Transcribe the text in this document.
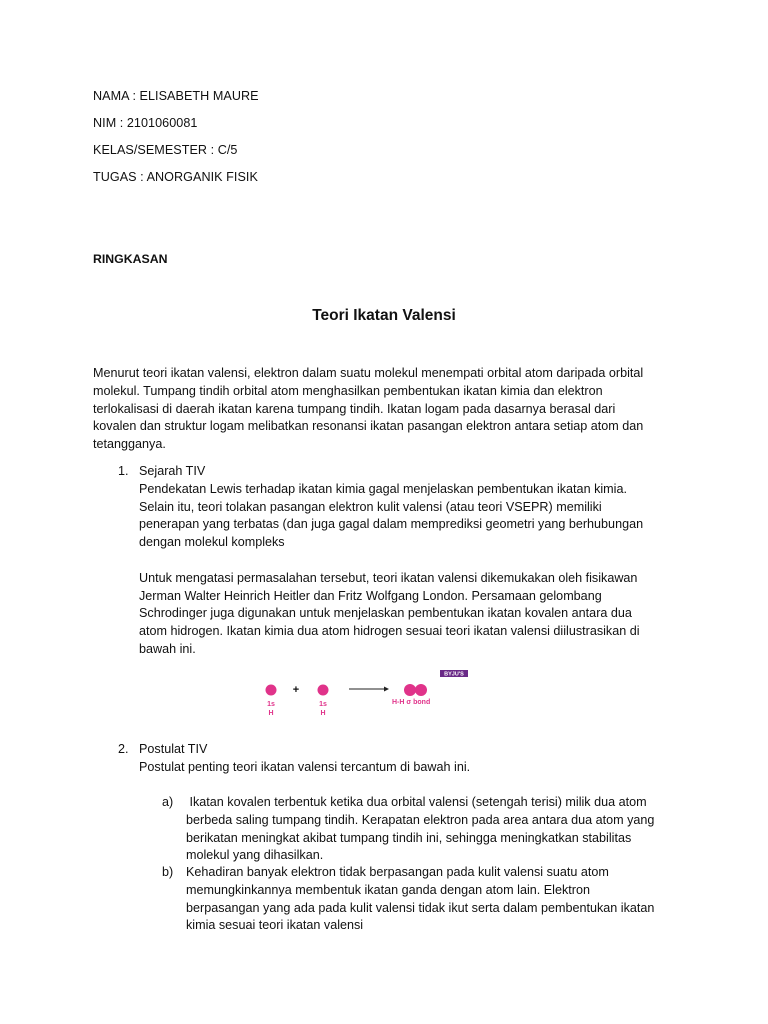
NAMA : ELISABETH MAURE

NIM : 2101060081

KELAS/SEMESTER : C/5

TUGAS : ANORGANIK FISIK

RINGKASAN

Teori Ikatan Valensi
Menurut teori ikatan valensi, elektron dalam suatu molekul menempati orbital atom daripada orbital
molekul. Tumpang tindih orbital atom menghasilkan pembentukan ikatan kimia dan elektron
terlokalisasi di daerah ikatan karena tumpang tindih. Ikatan logam pada dasarnya berasal dari
kovalen dan struktur logam melibatkan resonansi ikatan pasangan elektron antara setiap atom dan
tetangganya.

1. Sejarah TIV
Pendekatan Lewis terhadap ikatan kimia gagal menjelaskan pembentukan ikatan kimia.
Selain itu, teori tolakan pasangan elektron kulit valensi (atau teori VSEPR) memiliki
penerapan yang terbatas (dan juga gagal dalam memprediksi geometri yang berhubungan
dengan molekul kompleks
Untuk mengatasi permasalahan tersebut, teori ikatan valensi dikemukakan oleh fisikawan
Jerman Walter Heinrich Heitler dan Fritz Wolfgang London. Persamaan gelombang
Schrodinger juga digunakan untuk menjelaskan pembentukan ikatan kovalen antara dua
atom hidrogen. Ikatan kimia dua atom hidrogen sesuai teori ikatan valensi diilustrasikan di
bawah ini.
BYJU'S
1s
H
+
1s
H
H-H σ bond

2. Postulat TIV
Postulat penting teori ikatan valensi tercantum di bawah ini.

a) Ikatan kovalen terbentuk ketika dua orbital valensi (setengah terisi) milik dua atom
berbeda saling tumpang tindih. Kerapatan elektron pada area antara dua atom yang
berikatan meningkat akibat tumpang tindih ini, sehingga meningkatkan stabilitas
molekul yang dihasilkan.

b) Kehadiran banyak elektron tidak berpasangan pada kulit valensi suatu atom
memungkinkannya membentuk ikatan ganda dengan atom lain. Elektron
berpasangan yang ada pada kulit valensi tidak ikut serta dalam pembentukan ikatan
kimia sesuai teori ikatan valensi
